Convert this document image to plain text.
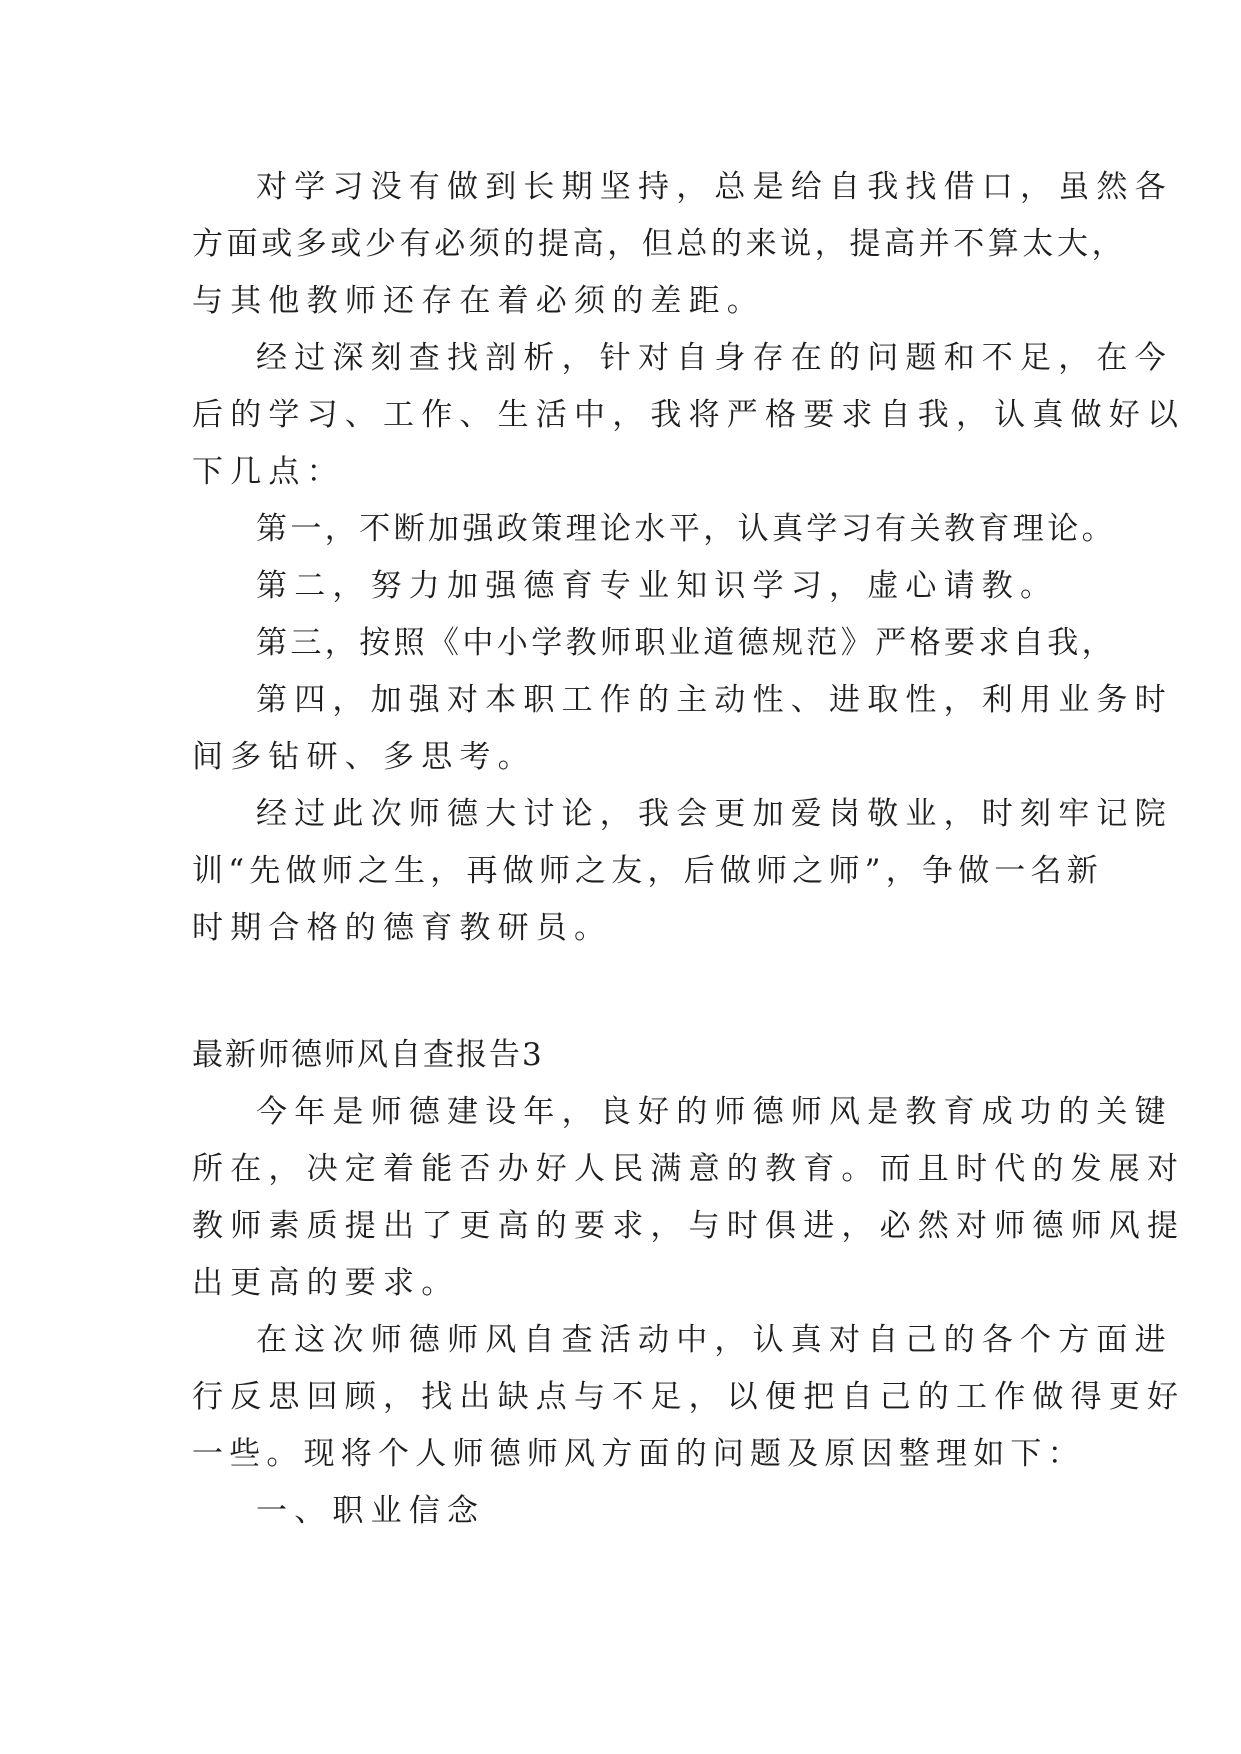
对学习没有做到长期坚持，总是给自我找借口，虽然各
方面或多或少有必须的提高，但总的来说，提高并不算太大，
与其他教师还存在着必须的差距。
经过深刻查找剖析，针对自身存在的问题和不足，在今
后的学习、工作、生活中，我将严格要求自我，认真做好以
下几点：
第一，不断加强政策理论水平，认真学习有关教育理论。
第二，努力加强德育专业知识学习，虚心请教。
第三，按照《中小学教师职业道德规范》严格要求自我，
第四，加强对本职工作的主动性、进取性，利用业务时
间多钻研、多思考。
经过此次师德大讨论，我会更加爱岗敬业，时刻牢记院
训“先做师之生，再做师之友，后做师之师”，争做一名新
时期合格的德育教研员。
最新师德师风自查报告3
今年是师德建设年，良好的师德师风是教育成功的关键
所在，决定着能否办好人民满意的教育。而且时代的发展对
教师素质提出了更高的要求，与时俱进，必然对师德师风提
出更高的要求。
在这次师德师风自查活动中，认真对自己的各个方面进
行反思回顾，找出缺点与不足，以便把自己的工作做得更好
一些。现将个人师德师风方面的问题及原因整理如下：
一、职业信念
